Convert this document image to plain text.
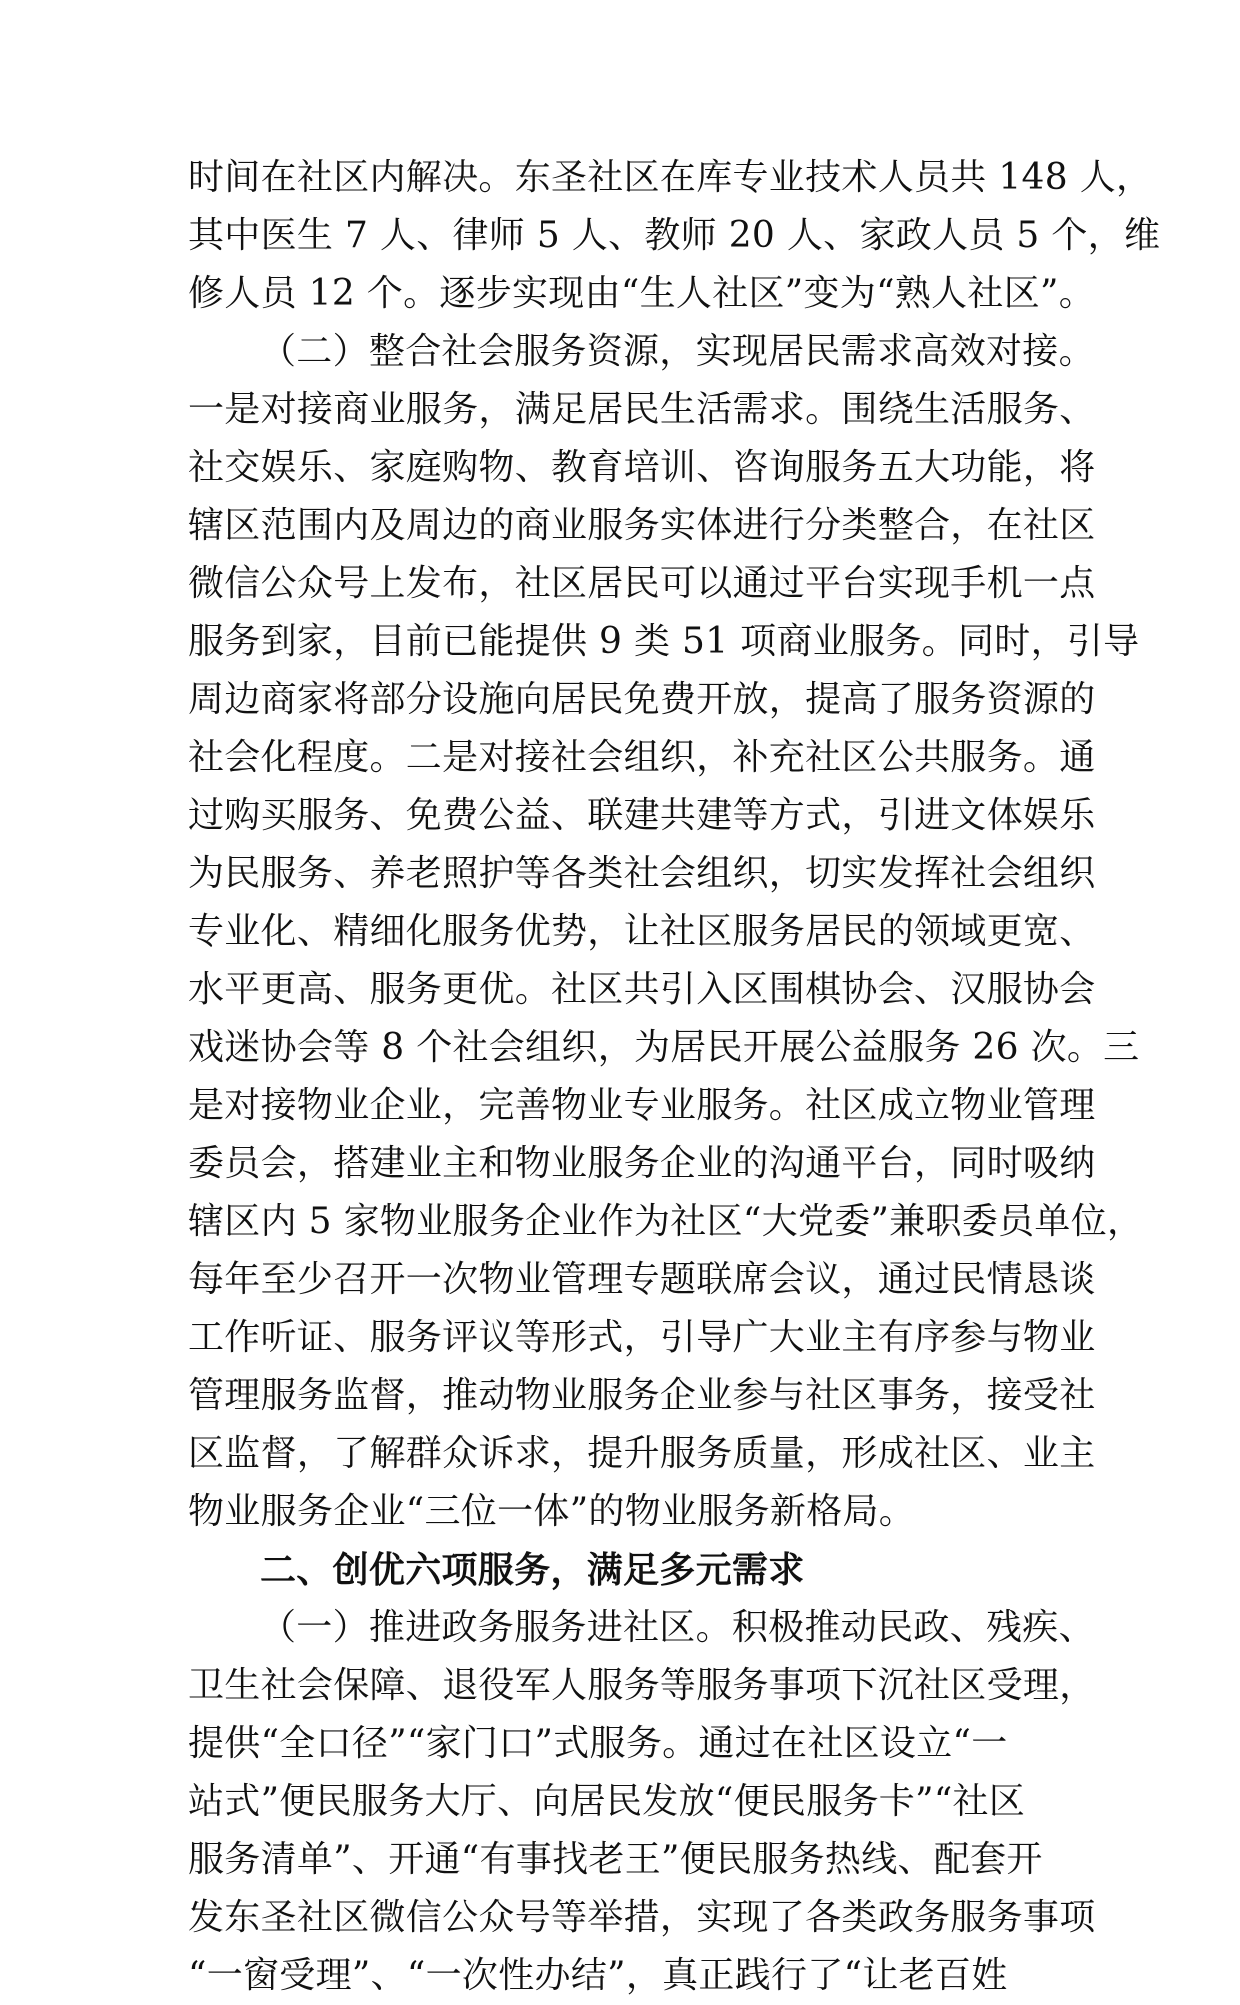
时间在社区内解决。东圣社区在库专业技术人员共 148 人，
其中医生 7 人、律师 5 人、教师 20 人、家政人员 5 个，维
修人员 12 个。逐步实现由“生人社区”变为“熟人社区”。
（二）整合社会服务资源，实现居民需求高效对接。
一是对接商业服务，满足居民生活需求。围绕生活服务、
社交娱乐、家庭购物、教育培训、咨询服务五大功能，将
辖区范围内及周边的商业服务实体进行分类整合，在社区
微信公众号上发布，社区居民可以通过平台实现手机一点
服务到家，目前已能提供 9 类 51 项商业服务。同时，引导
周边商家将部分设施向居民免费开放，提高了服务资源的
社会化程度。二是对接社会组织，补充社区公共服务。通
过购买服务、免费公益、联建共建等方式，引进文体娱乐
为民服务、养老照护等各类社会组织，切实发挥社会组织
专业化、精细化服务优势，让社区服务居民的领域更宽、
水平更高、服务更优。社区共引入区围棋协会、汉服协会
戏迷协会等 8 个社会组织，为居民开展公益服务 26 次。三
是对接物业企业，完善物业专业服务。社区成立物业管理
委员会，搭建业主和物业服务企业的沟通平台，同时吸纳
辖区内 5 家物业服务企业作为社区“大党委”兼职委员单位，
每年至少召开一次物业管理专题联席会议，通过民情恳谈
工作听证、服务评议等形式，引导广大业主有序参与物业
管理服务监督，推动物业服务企业参与社区事务，接受社
区监督，了解群众诉求，提升服务质量，形成社区、业主
物业服务企业“三位一体”的物业服务新格局。
二、创优六项服务，满足多元需求
（一）推进政务服务进社区。积极推动民政、残疾、
卫生社会保障、退役军人服务等服务事项下沉社区受理，
提供“全口径”“家门口”式服务。通过在社区设立“一
站式”便民服务大厅、向居民发放“便民服务卡”“社区
服务清单”、开通“有事找老王”便民服务热线、配套开
发东圣社区微信公众号等举措，实现了各类政务服务事项
“一窗受理”、“一次性办结”，真正践行了“让老百姓
